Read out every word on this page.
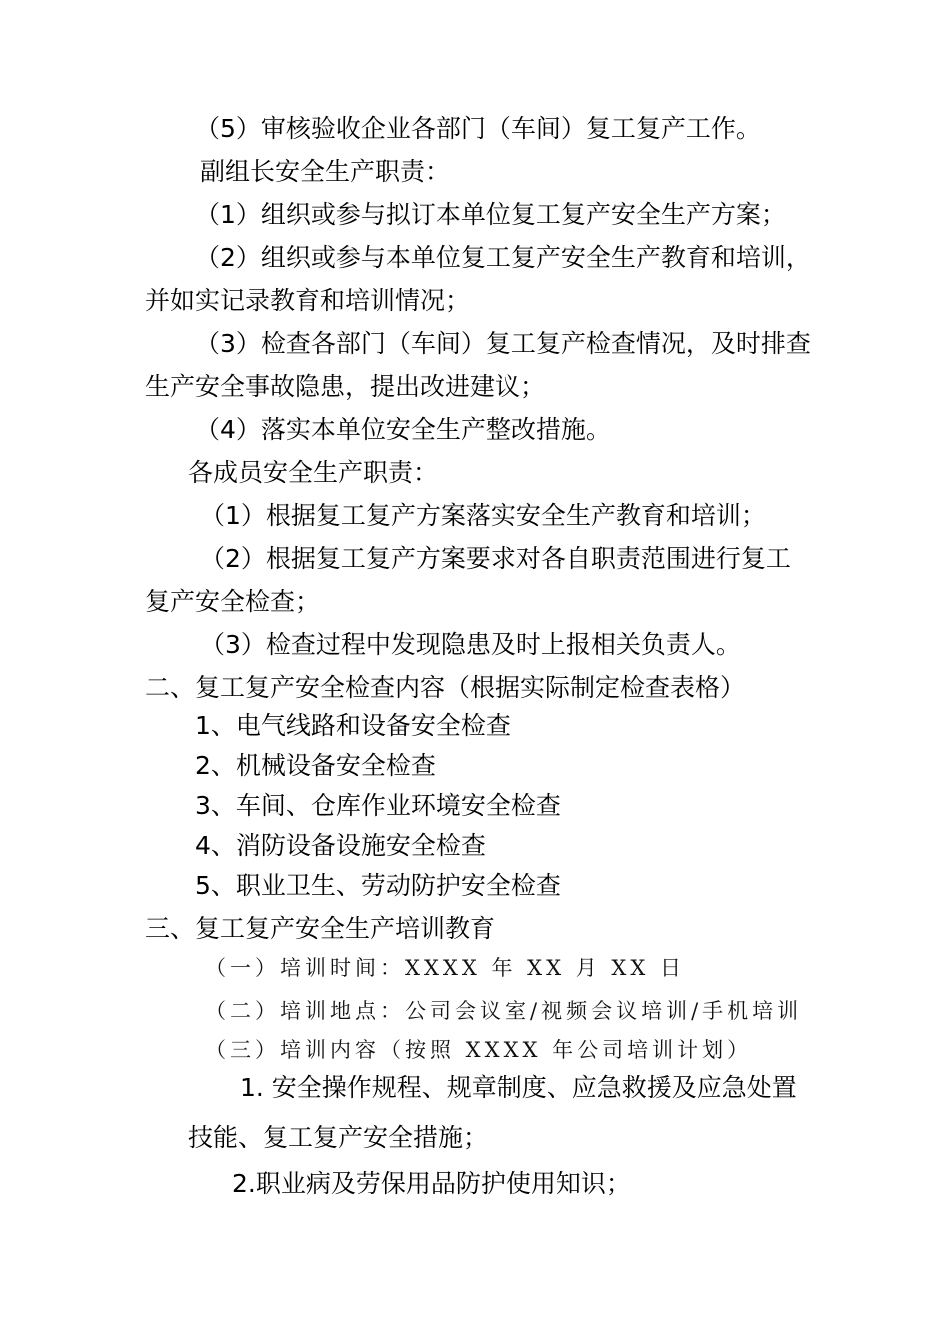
（5）审核验收企业各部门（车间）复工复产工作。

副组长安全生产职责：

（1）组织或参与拟订本单位复工复产安全生产方案；

（2）组织或参与本单位复工复产安全生产教育和培训，

并如实记录教育和培训情况；

（3）检查各部门（车间）复工复产检查情况，及时排查

生产安全事故隐患，提出改进建议；

（4）落实本单位安全生产整改措施。

各成员安全生产职责：

（1）根据复工复产方案落实安全生产教育和培训；

（2）根据复工复产方案要求对各自职责范围进行复工

复产安全检查；

（3）检查过程中发现隐患及时上报相关负责人。

二、复工复产安全检查内容（根据实际制定检查表格）

1、电气线路和设备安全检查

2、机械设备安全检查

3、车间、仓库作业环境安全检查

4、消防设备设施安全检查

5、职业卫生、劳动防护安全检查

三、复工复产安全生产培训教育

（一）培训时间：XXXX 年 XX 月 XX 日

（二）培训地点：公司会议室/视频会议培训/手机培训

（三）培训内容（按照 XXXX 年公司培训计划）

1. 安全操作规程、规章制度、应急救援及应急处置

技能、复工复产安全措施；

2.职业病及劳保用品防护使用知识；
